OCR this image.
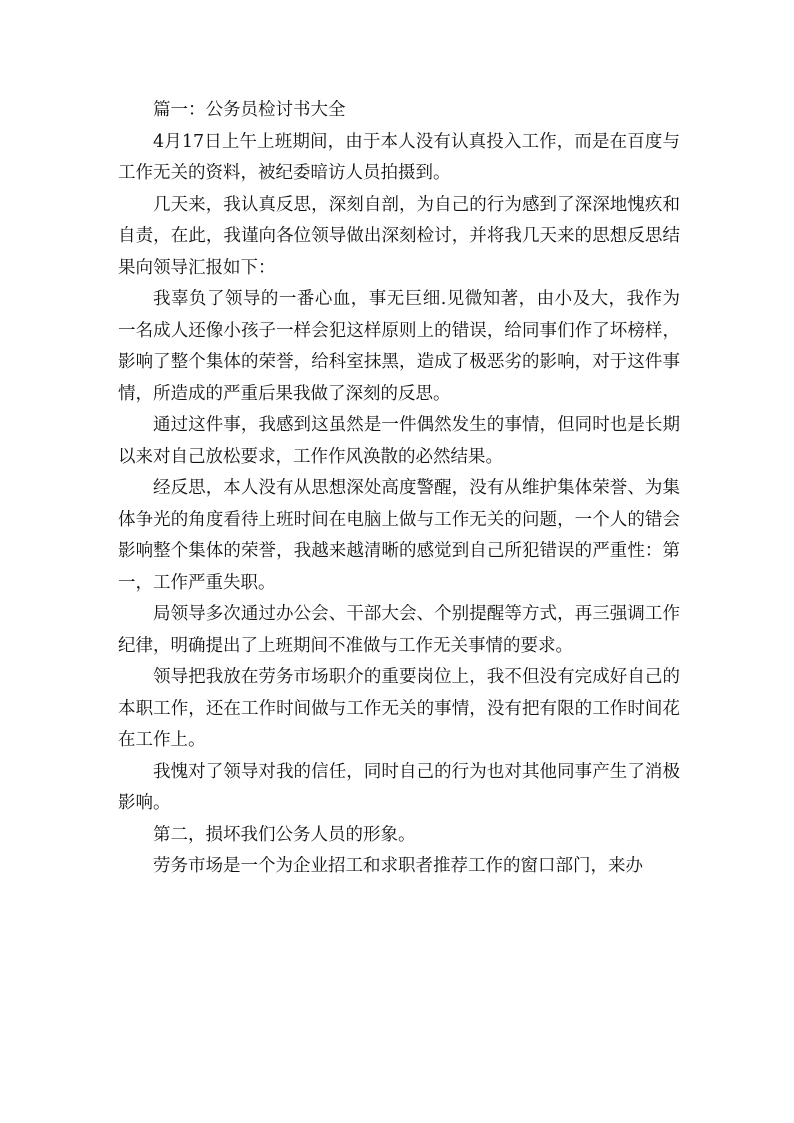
篇一：公务员检讨书大全

4月17日上午上班期间，由于本人没有认真投入工作，而是在百度与工作无关的资料，被纪委暗访人员拍摄到。

几天来，我认真反思，深刻自剖，为自己的行为感到了深深地愧疚和自责，在此，我谨向各位领导做出深刻检讨，并将我几天来的思想反思结果向领导汇报如下：

我辜负了领导的一番心血，事无巨细.见微知著，由小及大，我作为一名成人还像小孩子一样会犯这样原则上的错误，给同事们作了坏榜样，影响了整个集体的荣誉，给科室抹黑，造成了极恶劣的影响，对于这件事情，所造成的严重后果我做了深刻的反思。

通过这件事，我感到这虽然是一件偶然发生的事情，但同时也是长期以来对自己放松要求，工作作风涣散的必然结果。

经反思，本人没有从思想深处高度警醒，没有从维护集体荣誉、为集体争光的角度看待上班时间在电脑上做与工作无关的问题，一个人的错会影响整个集体的荣誉，我越来越清晰的感觉到自己所犯错误的严重性：第一，工作严重失职。

局领导多次通过办公会、干部大会、个别提醒等方式，再三强调工作纪律，明确提出了上班期间不准做与工作无关事情的要求。

领导把我放在劳务市场职介的重要岗位上，我不但没有完成好自己的本职工作，还在工作时间做与工作无关的事情，没有把有限的工作时间花在工作上。

我愧对了领导对我的信任，同时自己的行为也对其他同事产生了消极影响。

第二，损坏我们公务人员的形象。

劳务市场是一个为企业招工和求职者推荐工作的窗口部门，来办
